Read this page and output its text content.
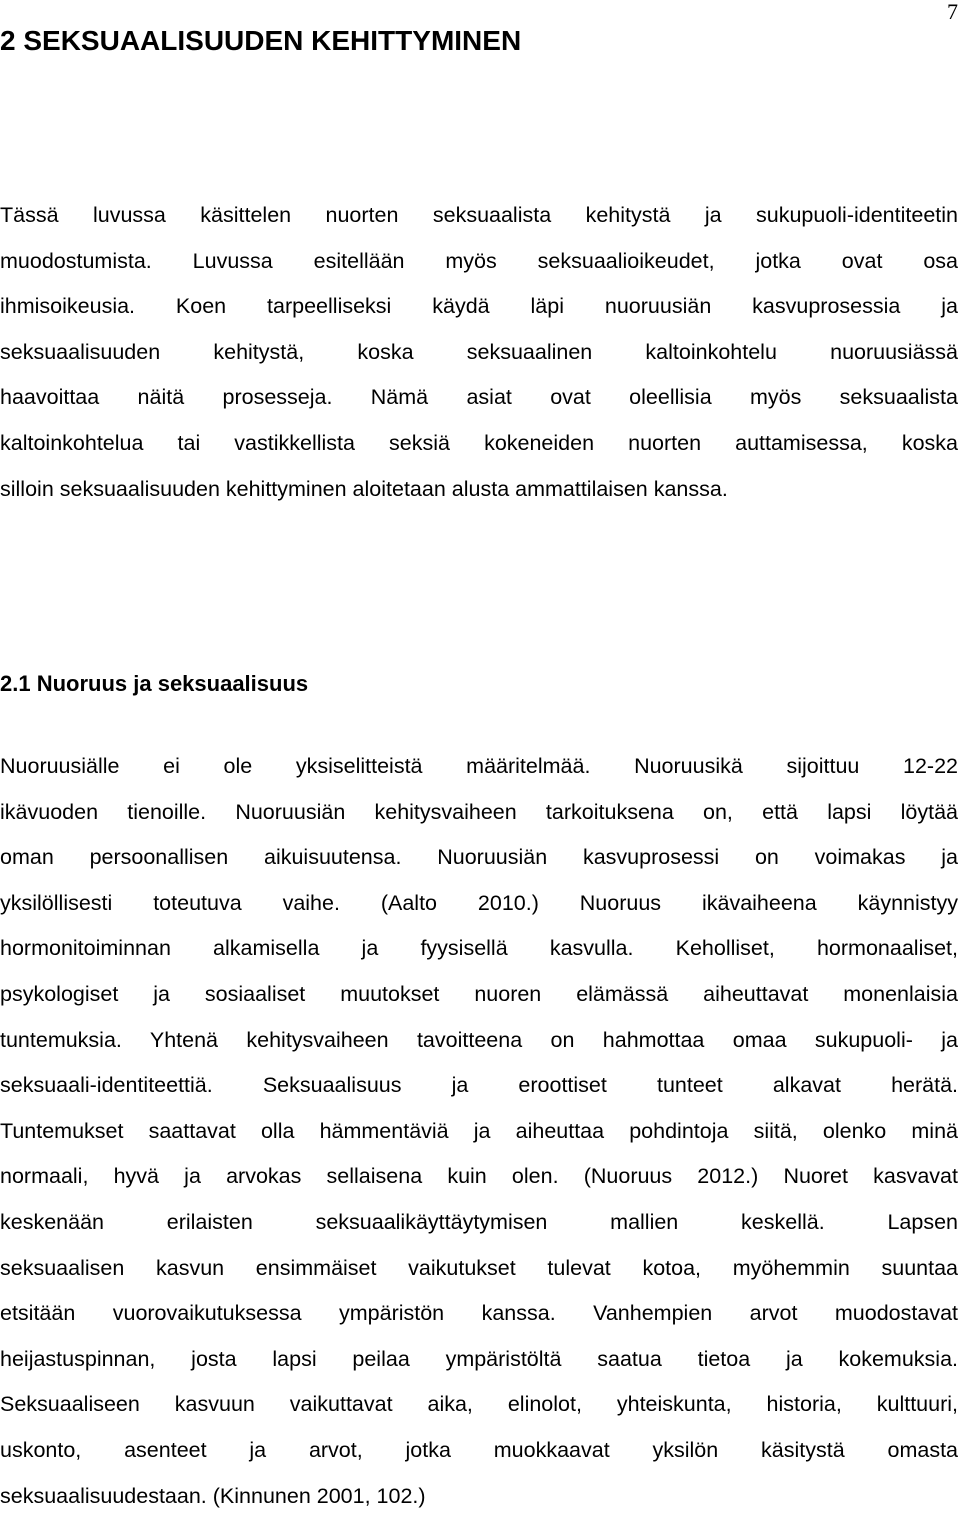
7
2 SEKSUAALISUUDEN KEHITTYMINEN
Tässä luvussa käsittelen nuorten seksuaalista kehitystä ja sukupuoli-identiteetin
muodostumista. Luvussa esitellään myös seksuaalioikeudet, jotka ovat osa
ihmisoikeusia. Koen tarpeelliseksi käydä läpi nuoruusiän kasvuprosessia ja
seksuaalisuuden kehitystä, koska seksuaalinen kaltoinkohtelu nuoruusiässä
haavoittaa näitä prosesseja. Nämä asiat ovat oleellisia myös seksuaalista
kaltoinkohtelua tai vastikkellista seksiä kokeneiden nuorten auttamisessa, koska
silloin seksuaalisuuden kehittyminen aloitetaan alusta ammattilaisen kanssa.
2.1 Nuoruus ja seksuaalisuus
Nuoruusiälle ei ole yksiselitteistä määritelmää. Nuoruusikä sijoittuu 12-22
ikävuoden tienoille. Nuoruusiän kehitysvaiheen tarkoituksena on, että lapsi löytää
oman persoonallisen aikuisuutensa. Nuoruusiän kasvuprosessi on voimakas ja
yksilöllisesti toteutuva vaihe. (Aalto 2010.) Nuoruus ikävaiheena käynnistyy
hormonitoiminnan alkamisella ja fyysisellä kasvulla. Keholliset, hormonaaliset,
psykologiset ja sosiaaliset muutokset nuoren elämässä aiheuttavat monenlaisia
tuntemuksia. Yhtenä kehitysvaiheen tavoitteena on hahmottaa omaa sukupuoli- ja
seksuaali-identiteettiä. Seksuaalisuus ja eroottiset tunteet alkavat herätä.
Tuntemukset saattavat olla hämmentäviä ja aiheuttaa pohdintoja siitä, olenko minä
normaali, hyvä ja arvokas sellaisena kuin olen. (Nuoruus 2012.) Nuoret kasvavat
keskenään erilaisten seksuaalikäyttäytymisen mallien keskellä. Lapsen
seksuaalisen kasvun ensimmäiset vaikutukset tulevat kotoa, myöhemmin suuntaa
etsitään vuorovaikutuksessa ympäristön kanssa. Vanhempien arvot muodostavat
heijastuspinnan, josta lapsi peilaa ympäristöltä saatua tietoa ja kokemuksia.
Seksuaaliseen kasvuun vaikuttavat aika, elinolot, yhteiskunta, historia, kulttuuri,
uskonto, asenteet ja arvot, jotka muokkaavat yksilön käsitystä omasta
seksuaalisuudestaan. (Kinnunen 2001, 102.)
